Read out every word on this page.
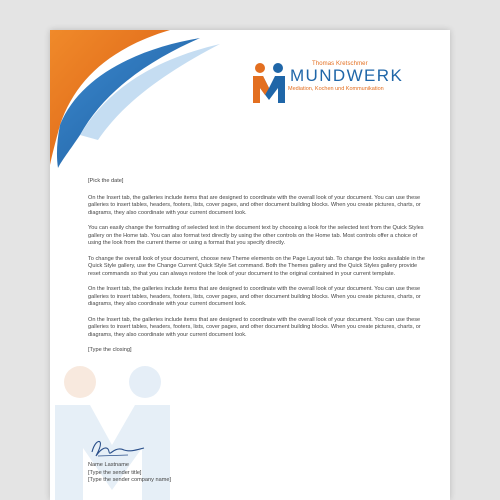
Thomas Kretschmer
MUNDWERK
Mediation, Kochen und Kommunikation

[Pick the date]

On the Insert tab, the galleries include items that are designed to coordinate with the overall look of your document. You can use these galleries to insert tables, headers, footers, lists, cover pages, and other document building blocks. When you create pictures, charts, or diagrams, they also coordinate with your current document look.

You can easily change the formatting of selected text in the document text by choosing a look for the selected text from the Quick Styles gallery on the Home tab. You can also format text directly by using the other controls on the Home tab. Most controls offer a choice of using the look from the current theme or using a format that you specify directly.

To change the overall look of your document, choose new Theme elements on the Page Layout tab. To change the looks available in the Quick Style gallery, use the Change Current Quick Style Set command. Both the Themes gallery and the Quick Styles gallery provide reset commands so that you can always restore the look of your document to the original contained in your current template.

On the Insert tab, the galleries include items that are designed to coordinate with the overall look of your document. You can use these galleries to insert tables, headers, footers, lists, cover pages, and other document building blocks. When you create pictures, charts, or diagrams, they also coordinate with your current document look.

On the Insert tab, the galleries include items that are designed to coordinate with the overall look of your document. You can use these galleries to insert tables, headers, footers, lists, cover pages, and other document building blocks. When you create pictures, charts, or diagrams, they also coordinate with your current document look.

[Type the closing]

Name Lastname
[Type the sender title]
[Type the sender company name]
